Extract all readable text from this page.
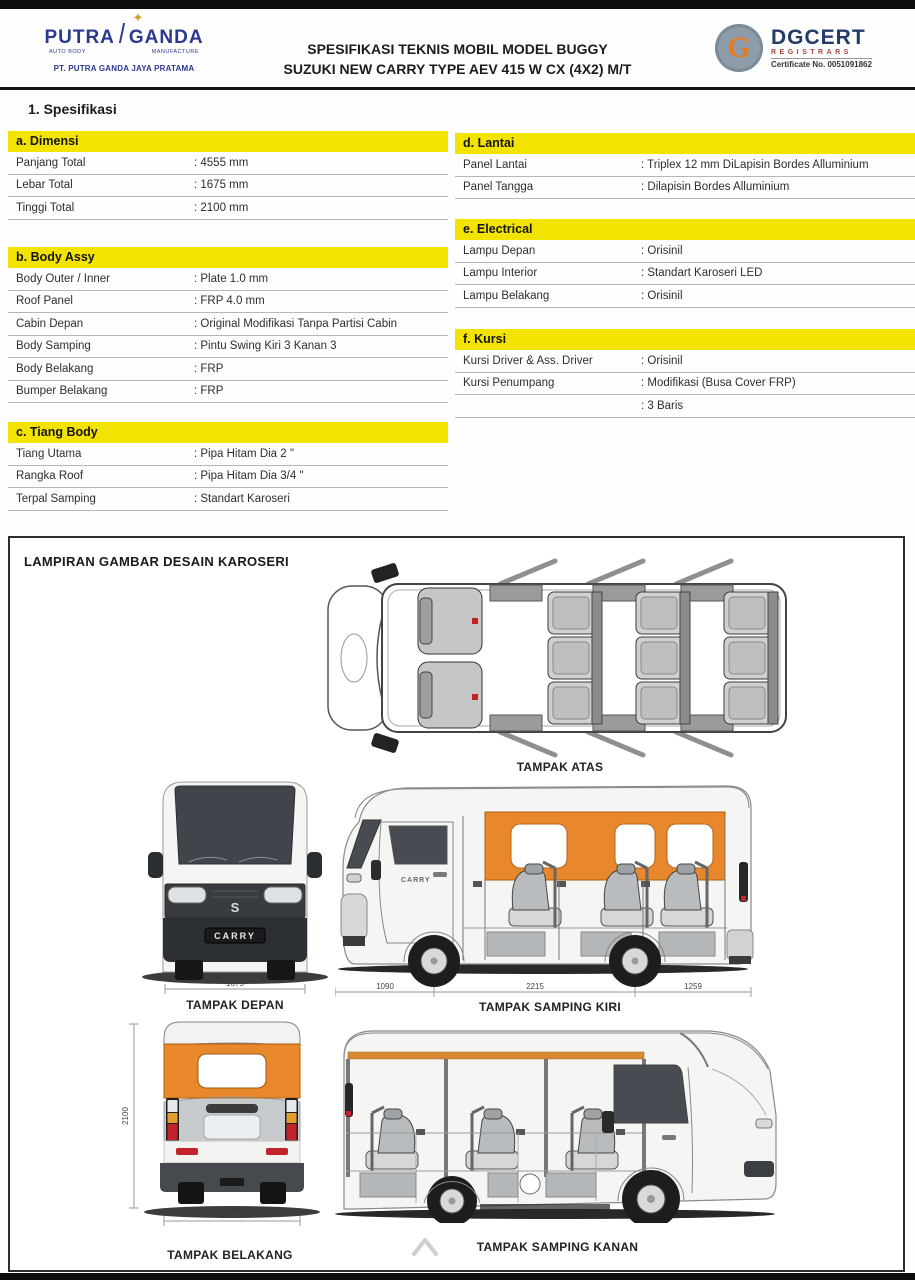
✦
PUTRA GANDA
AUTO BODY	MANUFACTURE
PT. PUTRA GANDA JAYA PRATAMA
SPESIFIKASI TEKNIS MOBIL MODEL BUGGY
SUZUKI NEW CARRY TYPE AEV 415 W CX (4X2) M/T
G DGCERT
REGISTRARS
Certificate No. 0051091862
1. Spesifikasi
a. Dimensi
Panjang Total	: 4555 mm
Lebar Total	: 1675 mm
Tinggi Total	: 2100 mm
b. Body Assy
Body Outer / Inner	: Plate 1.0 mm
Roof Panel	: FRP 4.0 mm
Cabin Depan	: Original Modifikasi Tanpa Partisi Cabin
Body Samping	: Pintu Swing Kiri 3 Kanan 3
Body Belakang	: FRP
Bumper Belakang	: FRP
c. Tiang Body
Tiang Utama	: Pipa Hitam Dia 2 "
Rangka Roof	: Pipa Hitam Dia 3/4 "
Terpal Samping	: Standart Karoseri
d. Lantai
Panel Lantai	: Triplex 12 mm DiLapisin Bordes Alluminium
Panel Tangga	: Dilapisin Bordes Alluminium
e. Electrical
Lampu Depan	: Orisinil
Lampu Interior	: Standart Karoseri LED
Lampu Belakang	: Orisinil
f. Kursi
Kursi Driver & Ass. Driver	: Orisinil
Kursi Penumpang	: Modifikasi (Busa Cover FRP)
: 3 Baris
LAMPIRAN GAMBAR DESAIN KAROSERI
TAMPAK ATAS
S
CARRY
1675
TAMPAK DEPAN
CARRY
1090	2215	1259
TAMPAK SAMPING KIRI
2100
1675
TAMPAK BELAKANG
TAMPAK SAMPING KANAN
